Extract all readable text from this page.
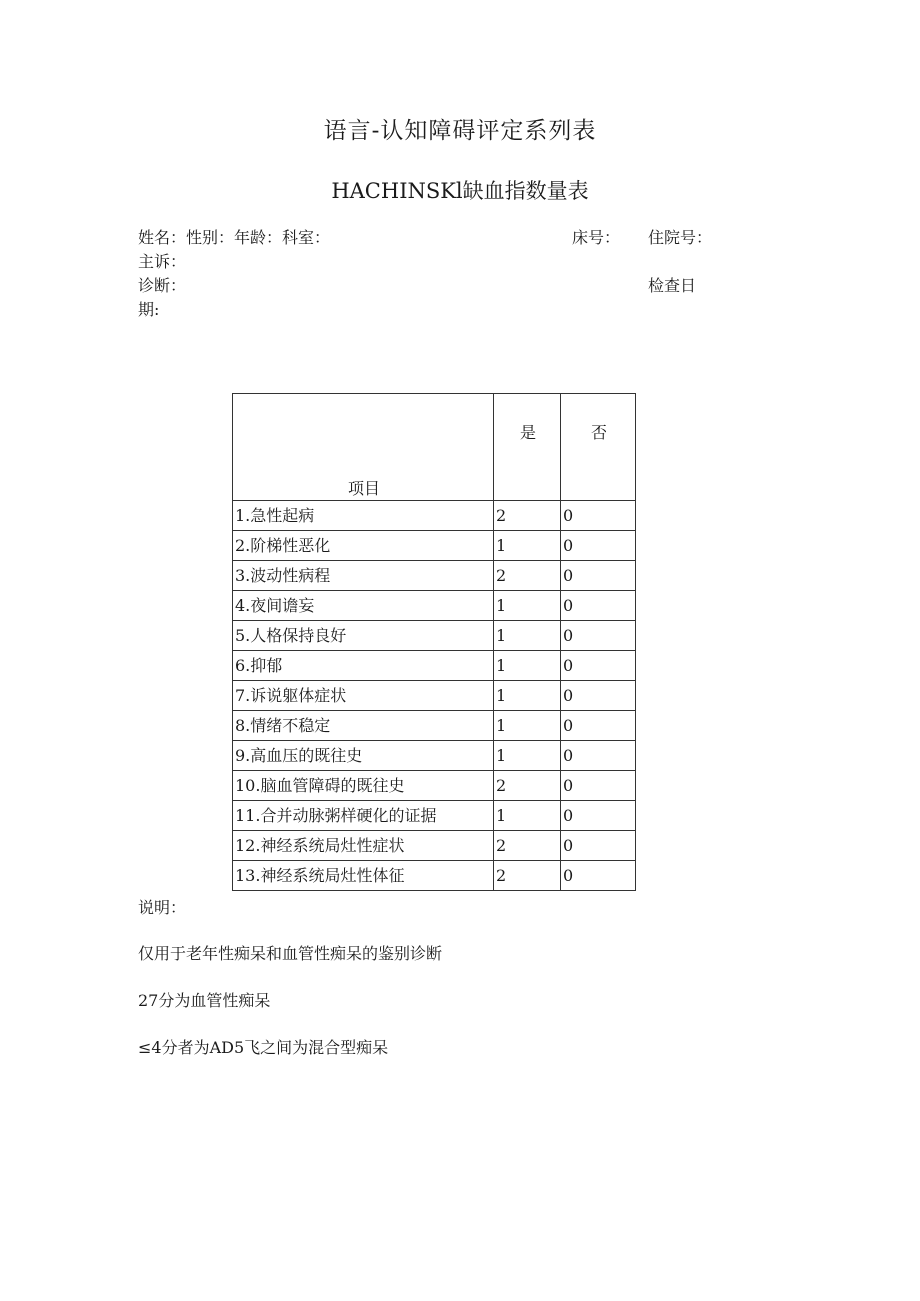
语言-认知障碍评定系列表
HACHINSKl缺血指数量表
姓名：性别：年龄：科室：	床号： 住院号：
主诉：
诊断：	检查日
期:
项目	是	否
1.急性起病	2	0
2.阶梯性恶化	1	0
3.波动性病程	2	0
4.夜间谵妄	1	0
5.人格保持良好	1	0
6.抑郁	1	0
7.诉说躯体症状	1	0
8.情绪不稳定	1	0
9.高血压的既往史	1	0
10.脑血管障碍的既往史	2	0
11.合并动脉粥样硬化的证据	1	0
12.神经系统局灶性症状	2	0
13.神经系统局灶性体征	2	0
说明：
仅用于老年性痴呆和血管性痴呆的鉴别诊断
27分为血管性痴呆
≤4分者为AD5飞之间为混合型痴呆
